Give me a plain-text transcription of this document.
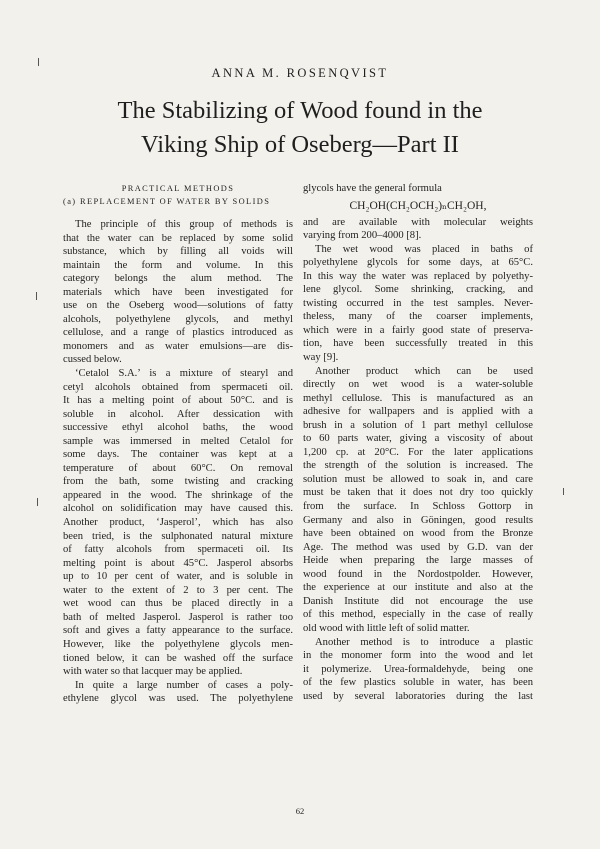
ANNA M. ROSENQVIST
The Stabilizing of Wood found in the
Viking Ship of Oseberg—Part II
PRACTICAL METHODS
(a) REPLACEMENT OF WATER BY SOLIDS
The principle of this group of methods is
that the water can be replaced by some solid
substance, which by filling all voids will
maintain the form and volume. In this
category belongs the alum method. The
materials which have been investigated for
use on the Oseberg wood—solutions of fatty
alcohols, polyethylene glycols, and methyl
cellulose, and a range of plastics introduced as
monomers and as water emulsions—are dis-
cussed below.
‘Cetalol S.A.’ is a mixture of stearyl and
cetyl alcohols obtained from spermaceti oil.
It has a melting point of about 50°C. and is
soluble in alcohol. After dessication with
successive ethyl alcohol baths, the wood
sample was immersed in melted Cetalol for
some days. The container was kept at a
temperature of about 60°C. On removal
from the bath, some twisting and cracking
appeared in the wood. The shrinkage of the
alcohol on solidification may have caused this.
Another product, ‘Jasperol’, which has also
been tried, is the sulphonated natural mixture
of fatty alcohols from spermaceti oil. Its
melting point is about 45°C. Jasperol absorbs
up to 10 per cent of water, and is soluble in
water to the extent of 2 to 3 per cent. The
wet wood can thus be placed directly in a
bath of melted Jasperol. Jasperol is rather too
soft and gives a fatty appearance to the surface.
However, like the polyethylene glycols men-
tioned below, it can be washed off the surface
with water so that lacquer may be applied.
In quite a large number of cases a poly-
ethylene glycol was used. The polyethylene
glycols have the general formula
CH₂OH(CH₂OCH₂)ₙCH₂OH,
and are available with molecular weights
varying from 200–4000 [8].
The wet wood was placed in baths of
polyethylene glycols for some days, at 65°C.
In this way the water was replaced by polyethy-
lene glycol. Some shrinking, cracking, and
twisting occurred in the test samples. Never-
theless, many of the coarser implements,
which were in a fairly good state of preserva-
tion, have been successfully treated in this
way [9].
Another product which can be used
directly on wet wood is a water-soluble
methyl cellulose. This is manufactured as an
adhesive for wallpapers and is applied with a
brush in a solution of 1 part methyl cellulose
to 60 parts water, giving a viscosity of about
1,200 cp. at 20°C. For the later applications
the strength of the solution is increased. The
solution must be allowed to soak in, and care
must be taken that it does not dry too quickly
from the surface. In Schloss Gottorp in
Germany and also in Göningen, good results
have been obtained on wood from the Bronze
Age. The method was used by G.D. van der
Heide when preparing the large masses of
wood found in the Nordostpolder. However,
the experience at our institute and also at the
Danish Institute did not encourage the use
of this method, especially in the case of really
old wood with little left of solid matter.
Another method is to introduce a plastic
in the monomer form into the wood and let
it polymerize. Urea-formaldehyde, being one
of the few plastics soluble in water, has been
used by several laboratories during the last
62
